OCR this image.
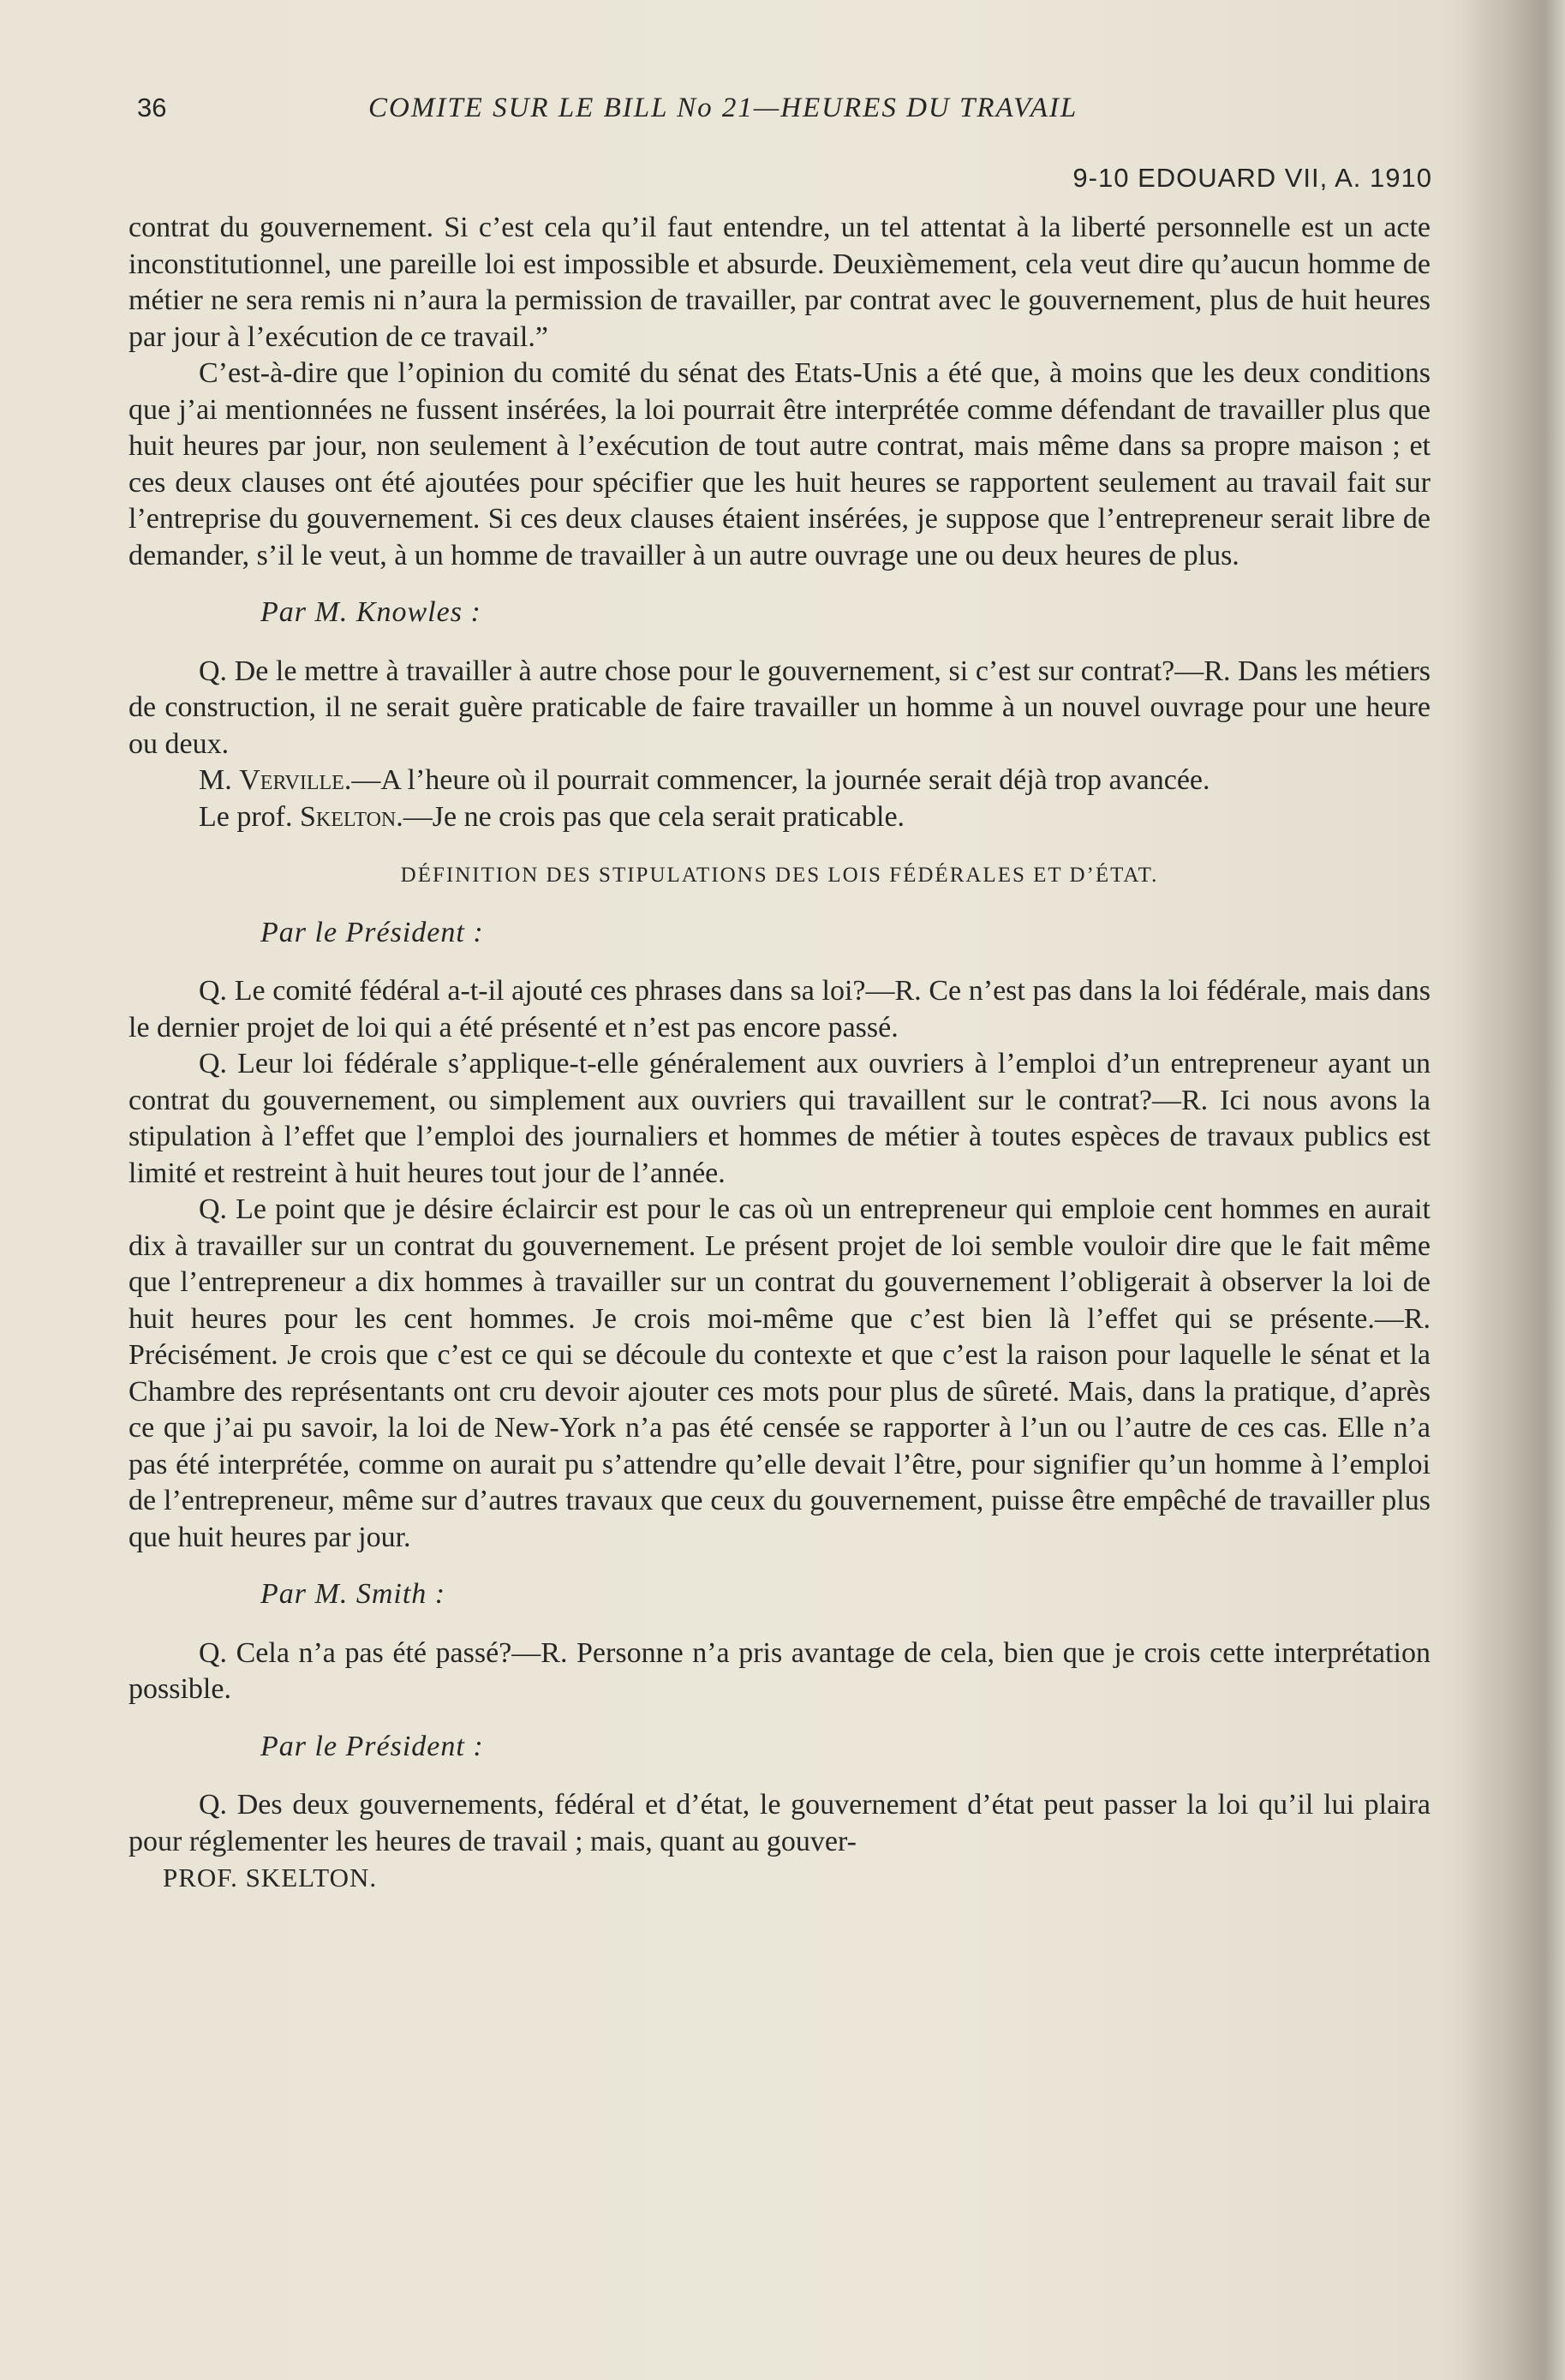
36	COMITE SUR LE BILL No 21—HEURES DU TRAVAIL
9-10 EDOUARD VII, A. 1910

contrat du gouvernement. Si c’est cela qu’il faut entendre, un tel attentat à la liberté personnelle est un acte inconstitutionnel, une pareille loi est impossible et absurde. Deuxièmement, cela veut dire qu’aucun homme de métier ne sera remis ni n’aura la permission de travailler, par contrat avec le gouvernement, plus de huit heures par jour à l’exécution de ce travail.”

C’est-à-dire que l’opinion du comité du sénat des Etats-Unis a été que, à moins que les deux conditions que j’ai mentionnées ne fussent insérées, la loi pourrait être interprétée comme défendant de travailler plus que huit heures par jour, non seulement à l’exécution de tout autre contrat, mais même dans sa propre maison ; et ces deux clauses ont été ajoutées pour spécifier que les huit heures se rapportent seulement au travail fait sur l’entreprise du gouvernement. Si ces deux clauses étaient insérées, je suppose que l’entrepreneur serait libre de demander, s’il le veut, à un homme de travailler à un autre ouvrage une ou deux heures de plus.

Par M. Knowles :

Q. De le mettre à travailler à autre chose pour le gouvernement, si c’est sur contrat?—R. Dans les métiers de construction, il ne serait guère praticable de faire travailler un homme à un nouvel ouvrage pour une heure ou deux.

M. Verville.—A l’heure où il pourrait commencer, la journée serait déjà trop avancée.

Le prof. Skelton.—Je ne crois pas que cela serait praticable.

DÉFINITION DES STIPULATIONS DES LOIS FÉDÉRALES ET D’ÉTAT.

Par le Président :

Q. Le comité fédéral a-t-il ajouté ces phrases dans sa loi?—R. Ce n’est pas dans la loi fédérale, mais dans le dernier projet de loi qui a été présenté et n’est pas encore passé.

Q. Leur loi fédérale s’applique-t-elle généralement aux ouvriers à l’emploi d’un entrepreneur ayant un contrat du gouvernement, ou simplement aux ouvriers qui travaillent sur le contrat?—R. Ici nous avons la stipulation à l’effet que l’emploi des journaliers et hommes de métier à toutes espèces de travaux publics est limité et restreint à huit heures tout jour de l’année.

Q. Le point que je désire éclaircir est pour le cas où un entrepreneur qui emploie cent hommes en aurait dix à travailler sur un contrat du gouvernement. Le présent projet de loi semble vouloir dire que le fait même que l’entrepreneur a dix hommes à travailler sur un contrat du gouvernement l’obligerait à observer la loi de huit heures pour les cent hommes. Je crois moi-même que c’est bien là l’effet qui se présente.—R. Précisément. Je crois que c’est ce qui se découle du contexte et que c’est la raison pour laquelle le sénat et la Chambre des représentants ont cru devoir ajouter ces mots pour plus de sûreté. Mais, dans la pratique, d’après ce que j’ai pu savoir, la loi de New-York n’a pas été censée se rapporter à l’un ou l’autre de ces cas. Elle n’a pas été interprétée, comme on aurait pu s’attendre qu’elle devait l’être, pour signifier qu’un homme à l’emploi de l’entrepreneur, même sur d’autres travaux que ceux du gouvernement, puisse être empêché de travailler plus que huit heures par jour.

Par M. Smith :

Q. Cela n’a pas été passé?—R. Personne n’a pris avantage de cela, bien que je crois cette interprétation possible.

Par le Président :

Q. Des deux gouvernements, fédéral et d’état, le gouvernement d’état peut passer la loi qu’il lui plaira pour réglementer les heures de travail ; mais, quant au gouver-

PROF. SKELTON.
